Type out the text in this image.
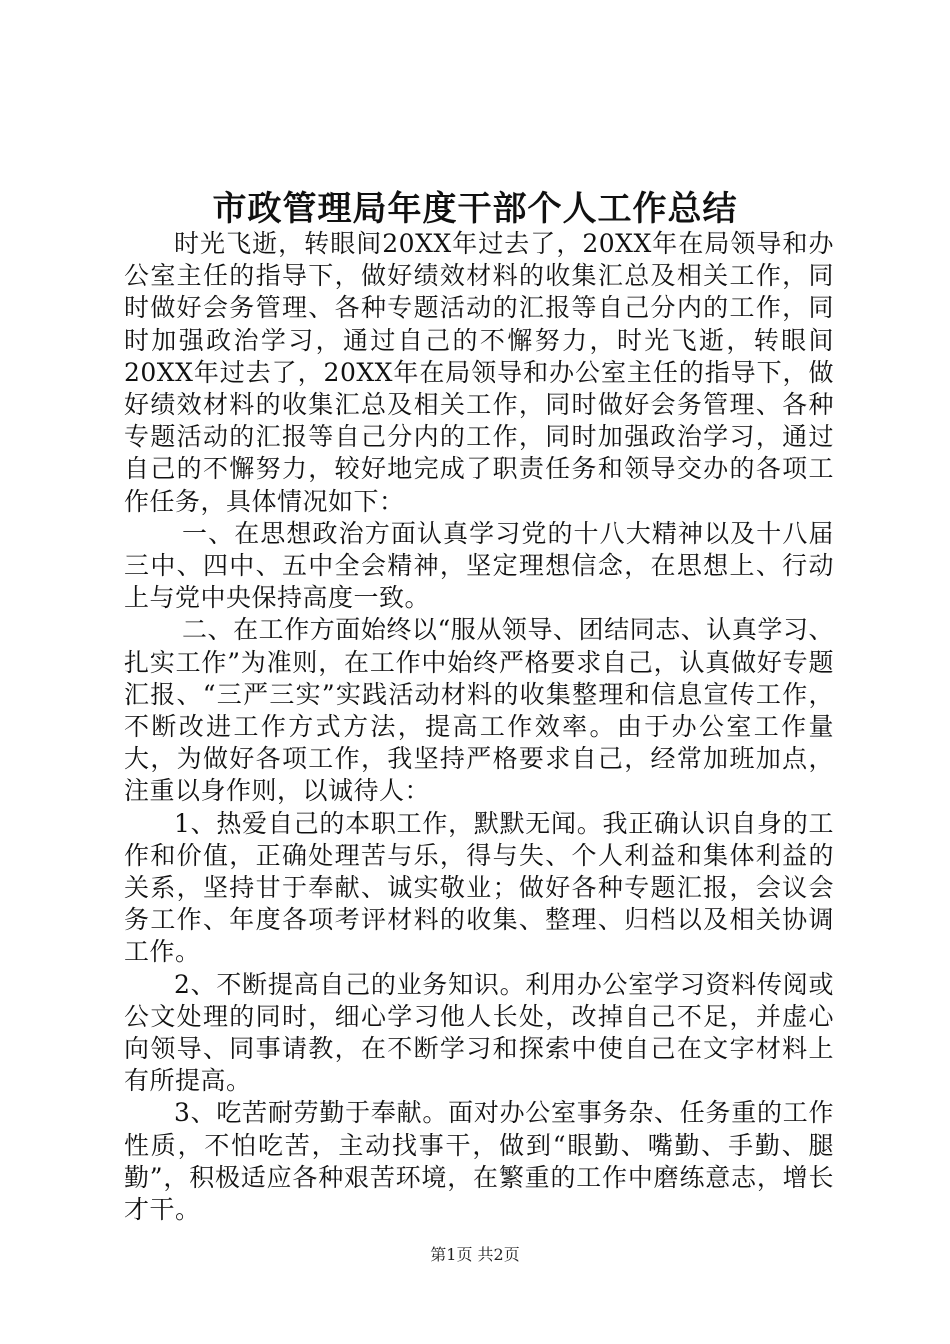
市政管理局年度干部个人工作总结

时光飞逝，转眼间20XX年过去了，20XX年在局领导和办公室主任的指导下，做好绩效材料的收集汇总及相关工作，同时做好会务管理、各种专题活动的汇报等自己分内的工作，同时加强政治学习，通过自己的不懈努力，时光飞逝，转眼间20XX年过去了，20XX年在局领导和办公室主任的指导下，做好绩效材料的收集汇总及相关工作，同时做好会务管理、各种专题活动的汇报等自己分内的工作，同时加强政治学习，通过自己的不懈努力，较好地完成了职责任务和领导交办的各项工作任务，具体情况如下：

一、在思想政治方面认真学习党的十八大精神以及十八届三中、四中、五中全会精神，坚定理想信念，在思想上、行动上与党中央保持高度一致。

二、在工作方面始终以“服从领导、团结同志、认真学习、扎实工作”为准则，在工作中始终严格要求自己，认真做好专题汇报、“三严三实”实践活动材料的收集整理和信息宣传工作，不断改进工作方式方法，提高工作效率。由于办公室工作量大，为做好各项工作，我坚持严格要求自己，经常加班加点，注重以身作则，以诚待人：

1、热爱自己的本职工作，默默无闻。我正确认识自身的工作和价值，正确处理苦与乐，得与失、个人利益和集体利益的关系，坚持甘于奉献、诚实敬业；做好各种专题汇报，会议会务工作、年度各项考评材料的收集、整理、归档以及相关协调工作。

2、不断提高自己的业务知识。利用办公室学习资料传阅或公文处理的同时，细心学习他人长处，改掉自己不足，并虚心向领导、同事请教，在不断学习和探索中使自己在文字材料上有所提高。

3、吃苦耐劳勤于奉献。面对办公室事务杂、任务重的工作性质，不怕吃苦，主动找事干，做到“眼勤、嘴勤、手勤、腿勤”，积极适应各种艰苦环境，在繁重的工作中磨练意志，增长才干。

第1页 共2页
